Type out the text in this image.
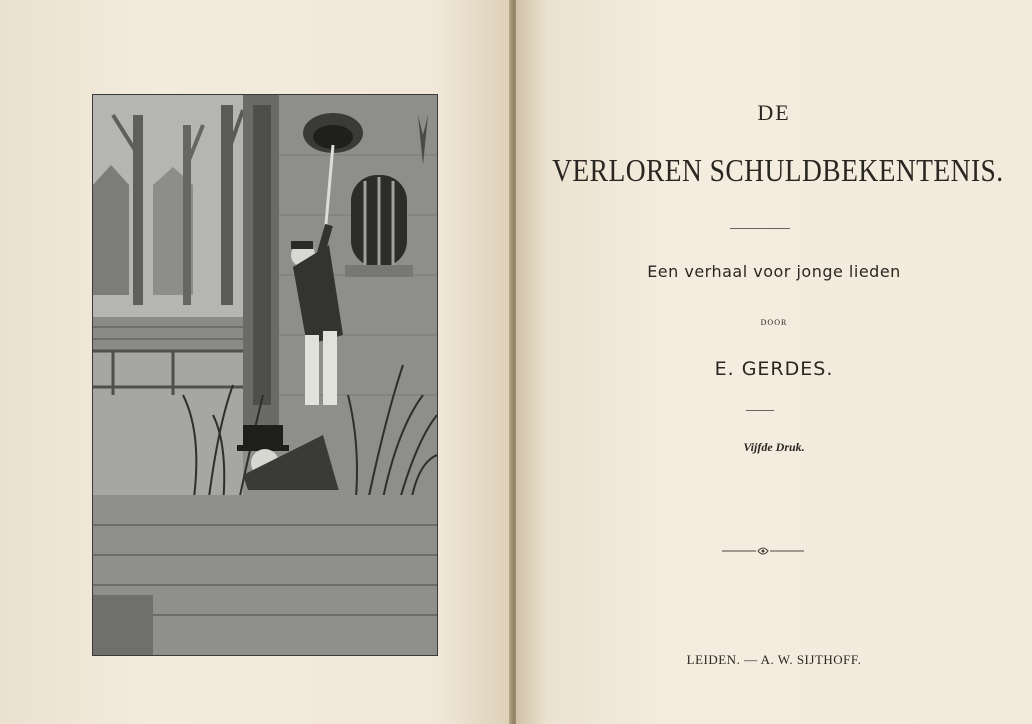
DE
VERLOREN SCHULDBEKENTENIS.
Een verhaal voor jonge lieden
DOOR
E. GERDES.
Vijfde Druk.
LEIDEN. — A. W. SIJTHOFF.
